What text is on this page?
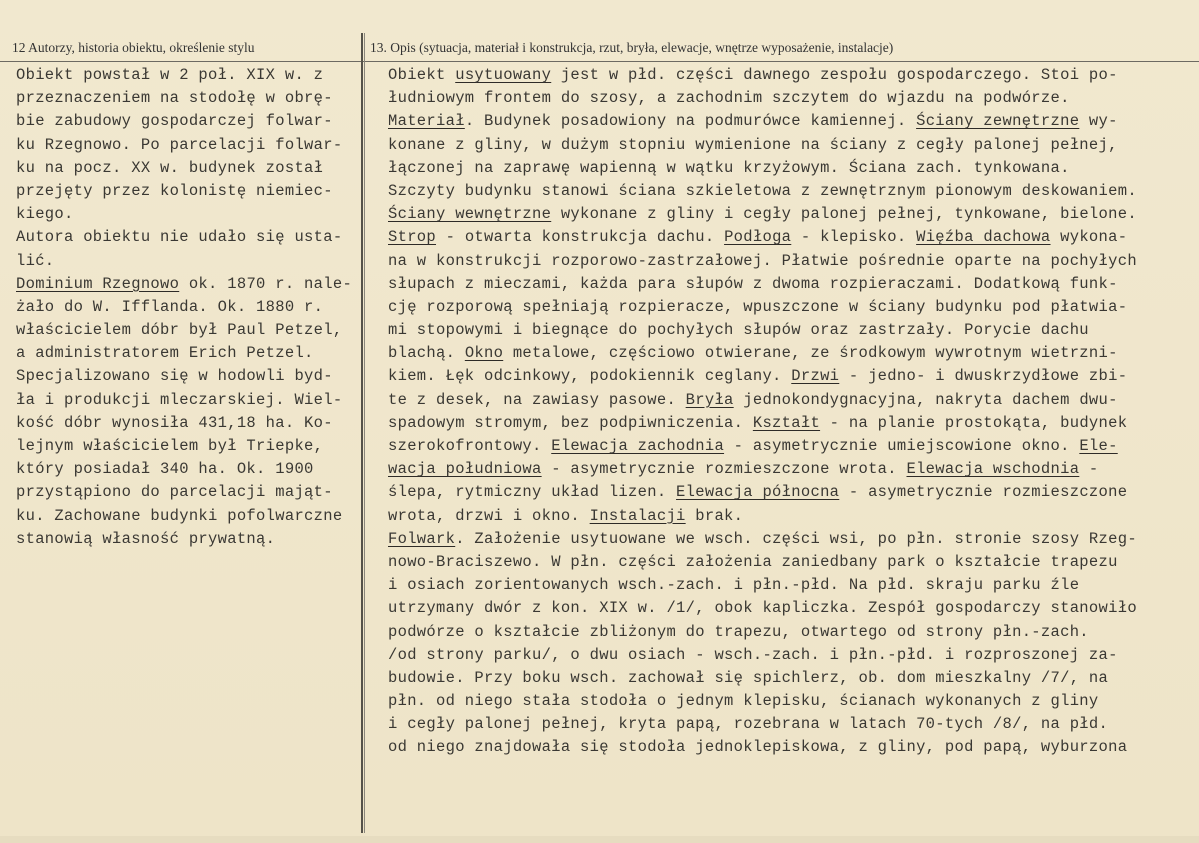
12 Autorzy, historia obiektu, określenie stylu	13. Opis (sytuacja, materiał i konstrukcja, rzut, bryła, elewacje, wnętrze wyposażenie, instalacje)
Obiekt powstał w 2 poł. XIX w. z
przeznaczeniem na stodołę w obrę-
bie zabudowy gospodarczej folwar-
ku Rzegnowo. Po parcelacji folwar-
ku na pocz. XX w. budynek został
przejęty przez kolonistę niemiec-
kiego.
Autora obiektu nie udało się usta-
lić.
Dominium Rzegnowo ok. 1870 r. nale-
żało do W. Ifflanda. Ok. 1880 r.
właścicielem dóbr był Paul Petzel,
a administratorem Erich Petzel.
Specjalizowano się w hodowli byd-
ła i produkcji mleczarskiej. Wiel-
kość dóbr wynosiła 431,18 ha. Ko-
lejnym właścicielem był Triepke,
który posiadał 340 ha. Ok. 1900
przystąpiono do parcelacji mająt-
ku. Zachowane budynki pofolwarczne
stanowią własność prywatną.
Obiekt usytuowany jest w płd. części dawnego zespołu gospodarczego. Stoi po-
łudniowym frontem do szosy, a zachodnim szczytem do wjazdu na podwórze.
Materiał. Budynek posadowiony na podmurówce kamiennej. Ściany zewnętrzne wy-
konane z gliny, w dużym stopniu wymienione na ściany z cegły palonej pełnej,
łączonej na zaprawę wapienną w wątku krzyżowym. Ściana zach. tynkowana.
Szczyty budynku stanowi ściana szkieletowa z zewnętrznym pionowym deskowaniem.
Ściany wewnętrzne wykonane z gliny i cegły palonej pełnej, tynkowane, bielone.
Strop - otwarta konstrukcja dachu. Podłoga - klepisko. Więźba dachowa wykona-
na w konstrukcji rozporowo-zastrzałowej. Płatwie pośrednie oparte na pochyłych
słupach z mieczami, każda para słupów z dwoma rozpieraczami. Dodatkową funk-
cję rozporową spełniają rozpieracze, wpuszczone w ściany budynku pod płatwia-
mi stopowymi i biegnące do pochyłych słupów oraz zastrzały. Porycie dachu
blachą. Okno metalowe, częściowo otwierane, ze środkowym wywrotnym wietrzni-
kiem. Łęk odcinkowy, podokiennik ceglany. Drzwi - jedno- i dwuskrzydłowe zbi-
te z desek, na zawiasy pasowe. Bryła jednokondygnacyjna, nakryta dachem dwu-
spadowym stromym, bez podpiwniczenia. Kształt - na planie prostokąta, budynek
szerokofrontowy. Elewacja zachodnia - asymetrycznie umiejscowione okno. Ele-
wacja południowa - asymetrycznie rozmieszczone wrota. Elewacja wschodnia -
ślepa, rytmiczny układ lizen. Elewacja północna - asymetrycznie rozmieszczone
wrota, drzwi i okno. Instalacji brak.
Folwark. Założenie usytuowane we wsch. części wsi, po płn. stronie szosy Rzeg-
nowo-Braciszewo. W płn. części założenia zaniedbany park o kształcie trapezu
i osiach zorientowanych wsch.-zach. i płn.-płd. Na płd. skraju parku źle
utrzymany dwór z kon. XIX w. /1/, obok kapliczka. Zespół gospodarczy stanowiło
podwórze o kształcie zbliżonym do trapezu, otwartego od strony płn.-zach.
/od strony parku/, o dwu osiach - wsch.-zach. i płn.-płd. i rozproszonej za-
budowie. Przy boku wsch. zachował się spichlerz, ob. dom mieszkalny /7/, na
płn. od niego stała stodoła o jednym klepisku, ścianach wykonanych z gliny
i cegły palonej pełnej, kryta papą, rozebrana w latach 70-tych /8/, na płd.
od niego znajdowała się stodoła jednoklepiskowa, z gliny, pod papą, wyburzona
